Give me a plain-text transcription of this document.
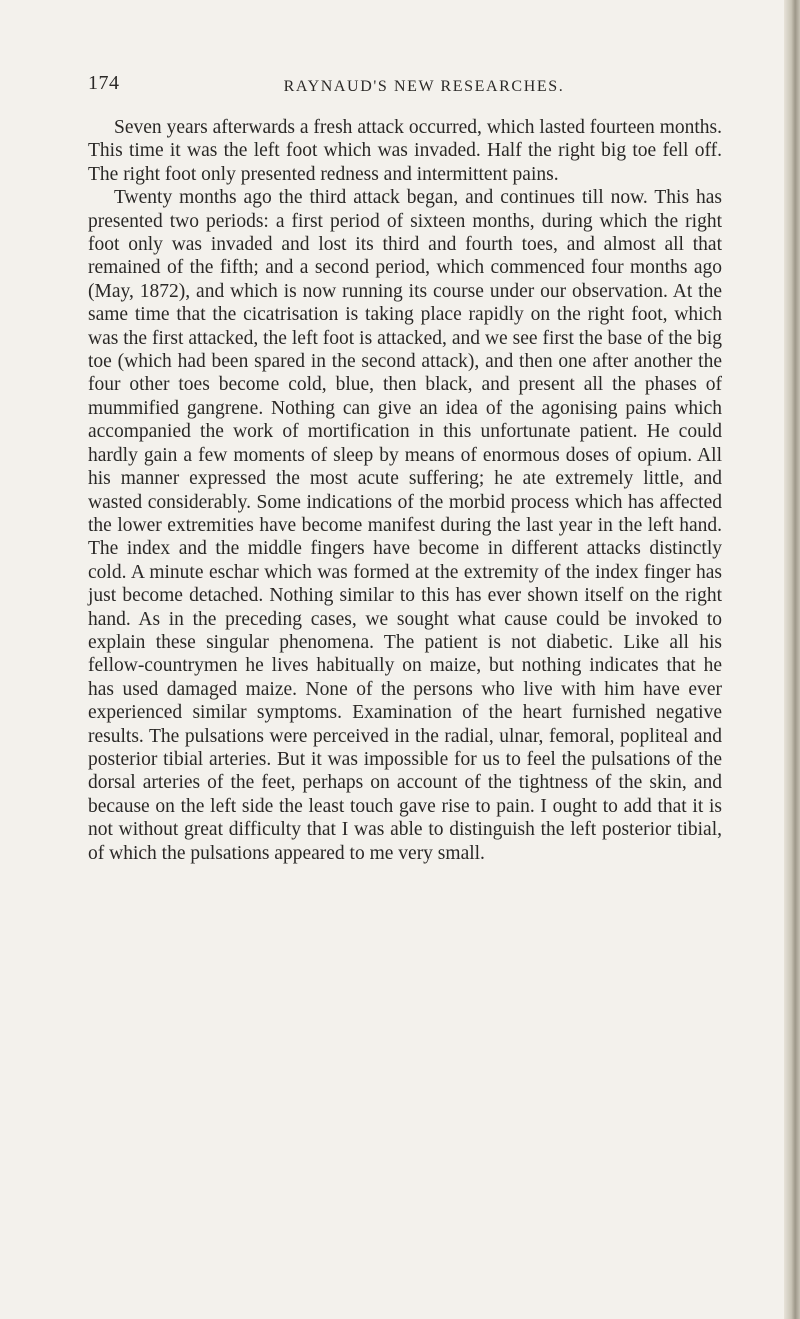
174	RAYNAUD'S NEW RESEARCHES.

Seven years afterwards a fresh attack occurred, which lasted fourteen months. This time it was the left foot which was invaded. Half the right big toe fell off. The right foot only presented redness and intermittent pains.

Twenty months ago the third attack began, and continues till now. This has presented two periods: a first period of sixteen months, during which the right foot only was invaded and lost its third and fourth toes, and almost all that remained of the fifth; and a second period, which commenced four months ago (May, 1872), and which is now running its course under our observation. At the same time that the cicatrisation is taking place rapidly on the right foot, which was the first attacked, the left foot is attacked, and we see first the base of the big toe (which had been spared in the second attack), and then one after another the four other toes become cold, blue, then black, and present all the phases of mummified gangrene. Nothing can give an idea of the agonising pains which accompanied the work of mortification in this unfortunate patient. He could hardly gain a few moments of sleep by means of enormous doses of opium. All his manner expressed the most acute suffering; he ate extremely little, and wasted considerably. Some indications of the morbid process which has affected the lower extremities have become manifest during the last year in the left hand. The index and the middle fingers have become in different attacks distinctly cold. A minute eschar which was formed at the extremity of the index finger has just become detached. Nothing similar to this has ever shown itself on the right hand. As in the preceding cases, we sought what cause could be invoked to explain these singular phenomena. The patient is not diabetic. Like all his fellow-countrymen he lives habitually on maize, but nothing indicates that he has used damaged maize. None of the persons who live with him have ever experienced similar symptoms. Examination of the heart furnished negative results. The pulsations were perceived in the radial, ulnar, femoral, popliteal and posterior tibial arteries. But it was impossible for us to feel the pulsations of the dorsal arteries of the feet, perhaps on account of the tightness of the skin, and because on the left side the least touch gave rise to pain. I ought to add that it is not without great difficulty that I was able to distinguish the left posterior tibial, of which the pulsations appeared to me very small.
